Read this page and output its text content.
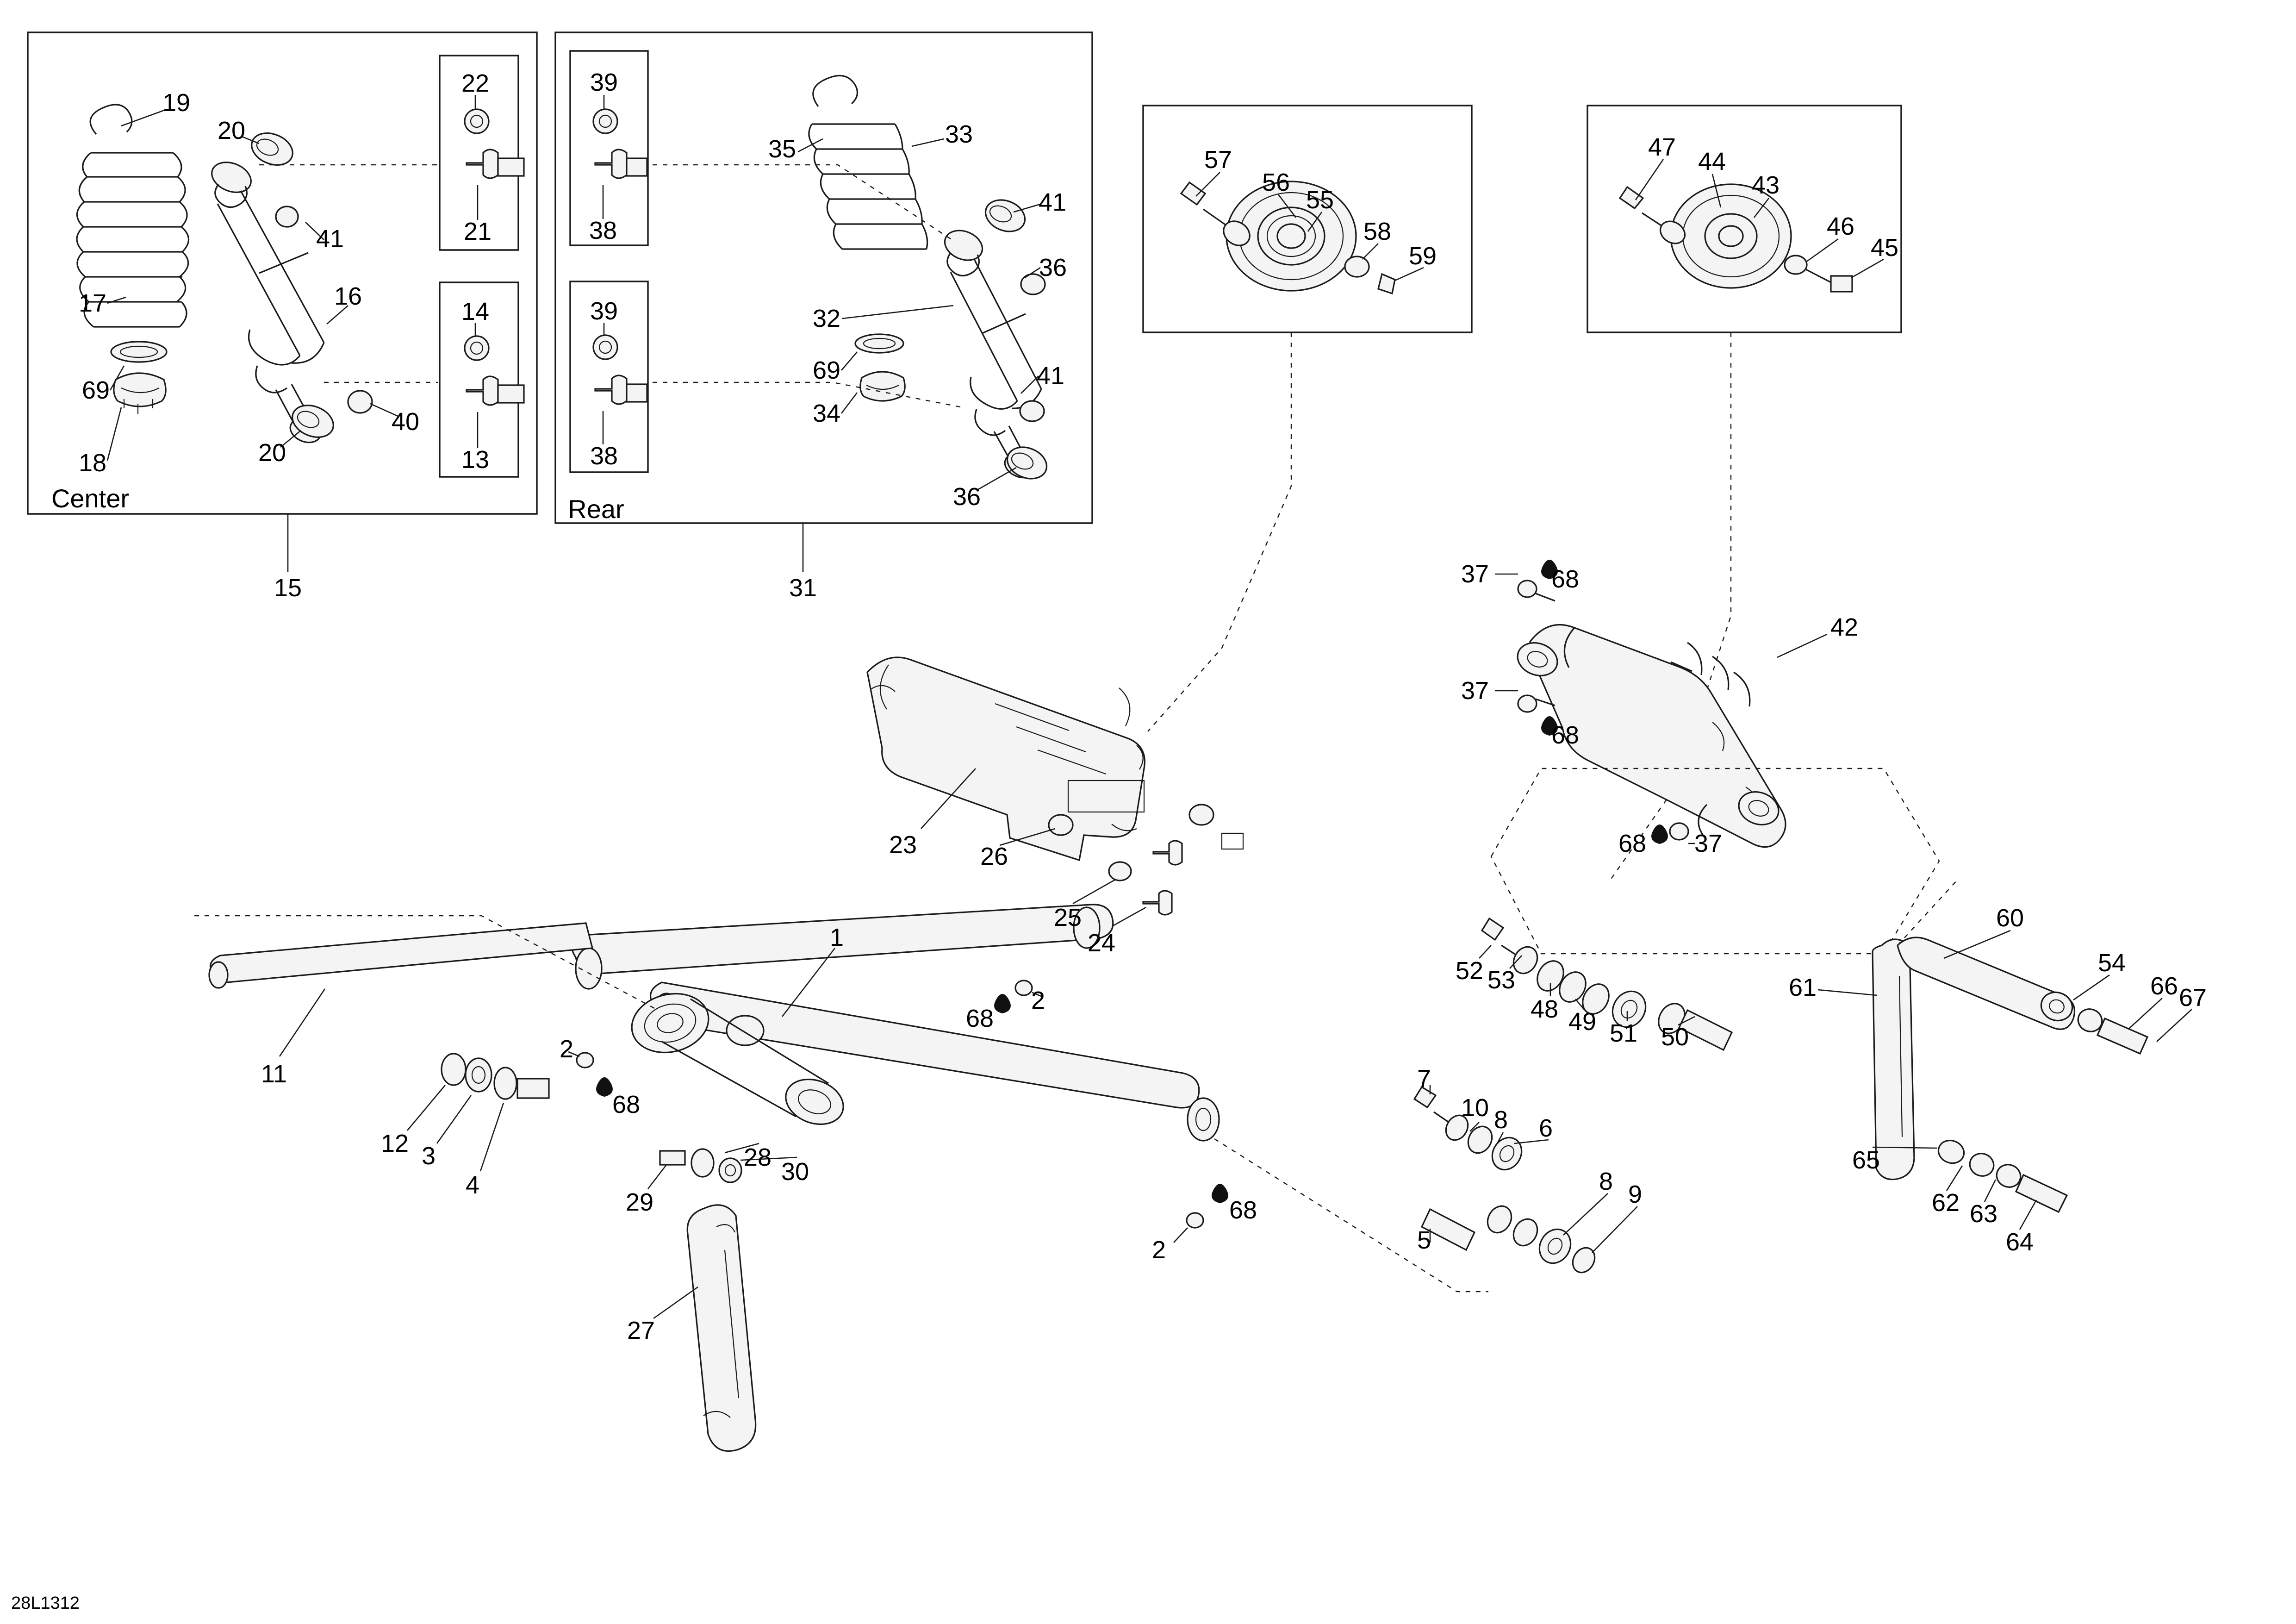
19
20
22	39
35
33
41
41	21	38
36
17	16
14	39	32
69
69	41
34
18	20
40
13	38
36
15	31
57
56
55
58
59
47
44
43
46
45
37 68
42
37
68
68 37
23	26
25
24
60
54
66 67
61
1
52 53
48 49 51 50
68
2
11
2
68
12 3
4
7
10 8 6
8 9
5
65
62 63
64
28
30
29	68
2
27
Center	Rear
28L1312
